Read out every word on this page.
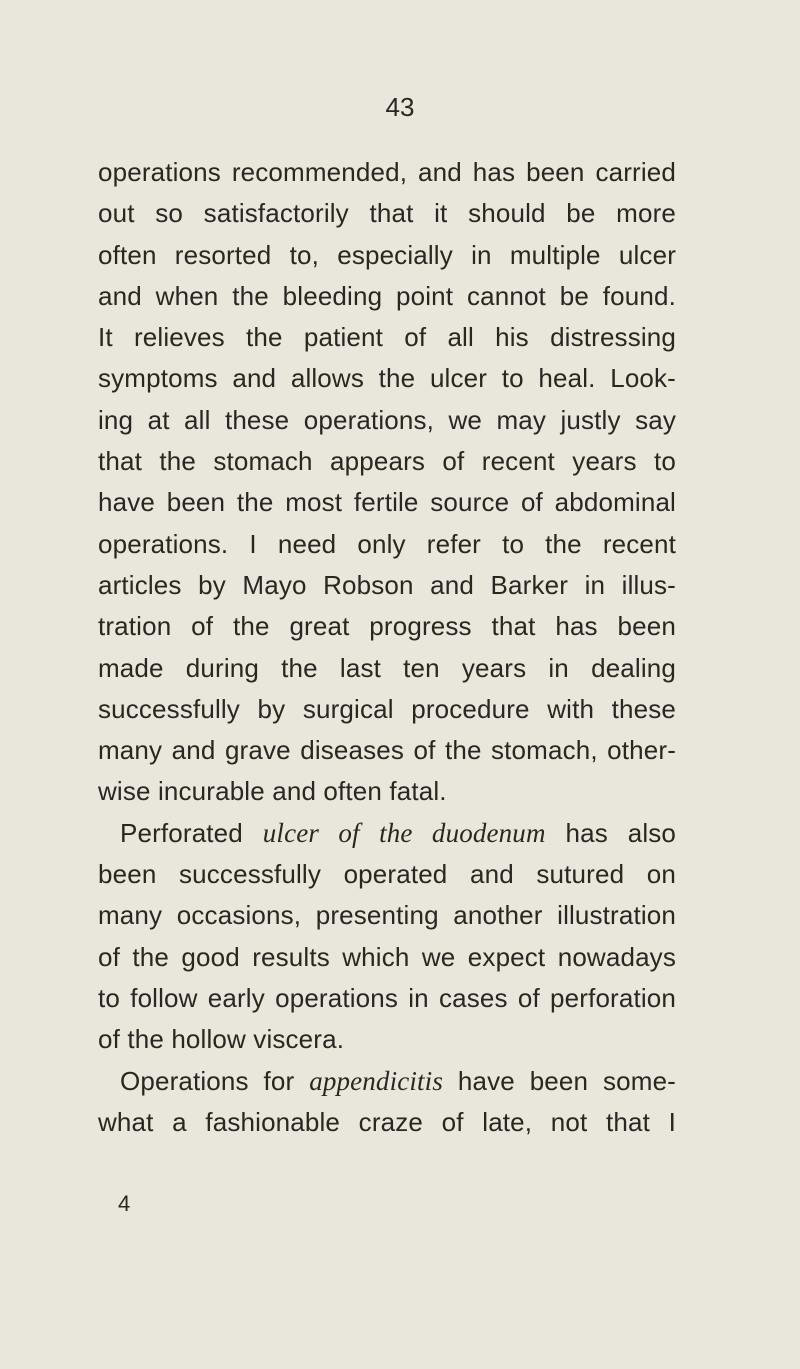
43
operations recommended, and has been carried
out so satisfactorily that it should be more
often resorted to, especially in multiple ulcer
and when the bleeding point cannot be found.
It relieves the patient of all his distressing
symptoms and allows the ulcer to heal. Look-
ing at all these operations, we may justly say
that the stomach appears of recent years to
have been the most fertile source of abdominal
operations. I need only refer to the recent
articles by Mayo Robson and Barker in illus-
tration of the great progress that has been
made during the last ten years in dealing
successfully by surgical procedure with these
many and grave diseases of the stomach, other-
wise incurable and often fatal.
Perforated ulcer of the duodenum has also
been successfully operated and sutured on
many occasions, presenting another illustration
of the good results which we expect nowadays
to follow early operations in cases of perforation
of the hollow viscera.
Operations for appendicitis have been some-
what a fashionable craze of late, not that I
4
